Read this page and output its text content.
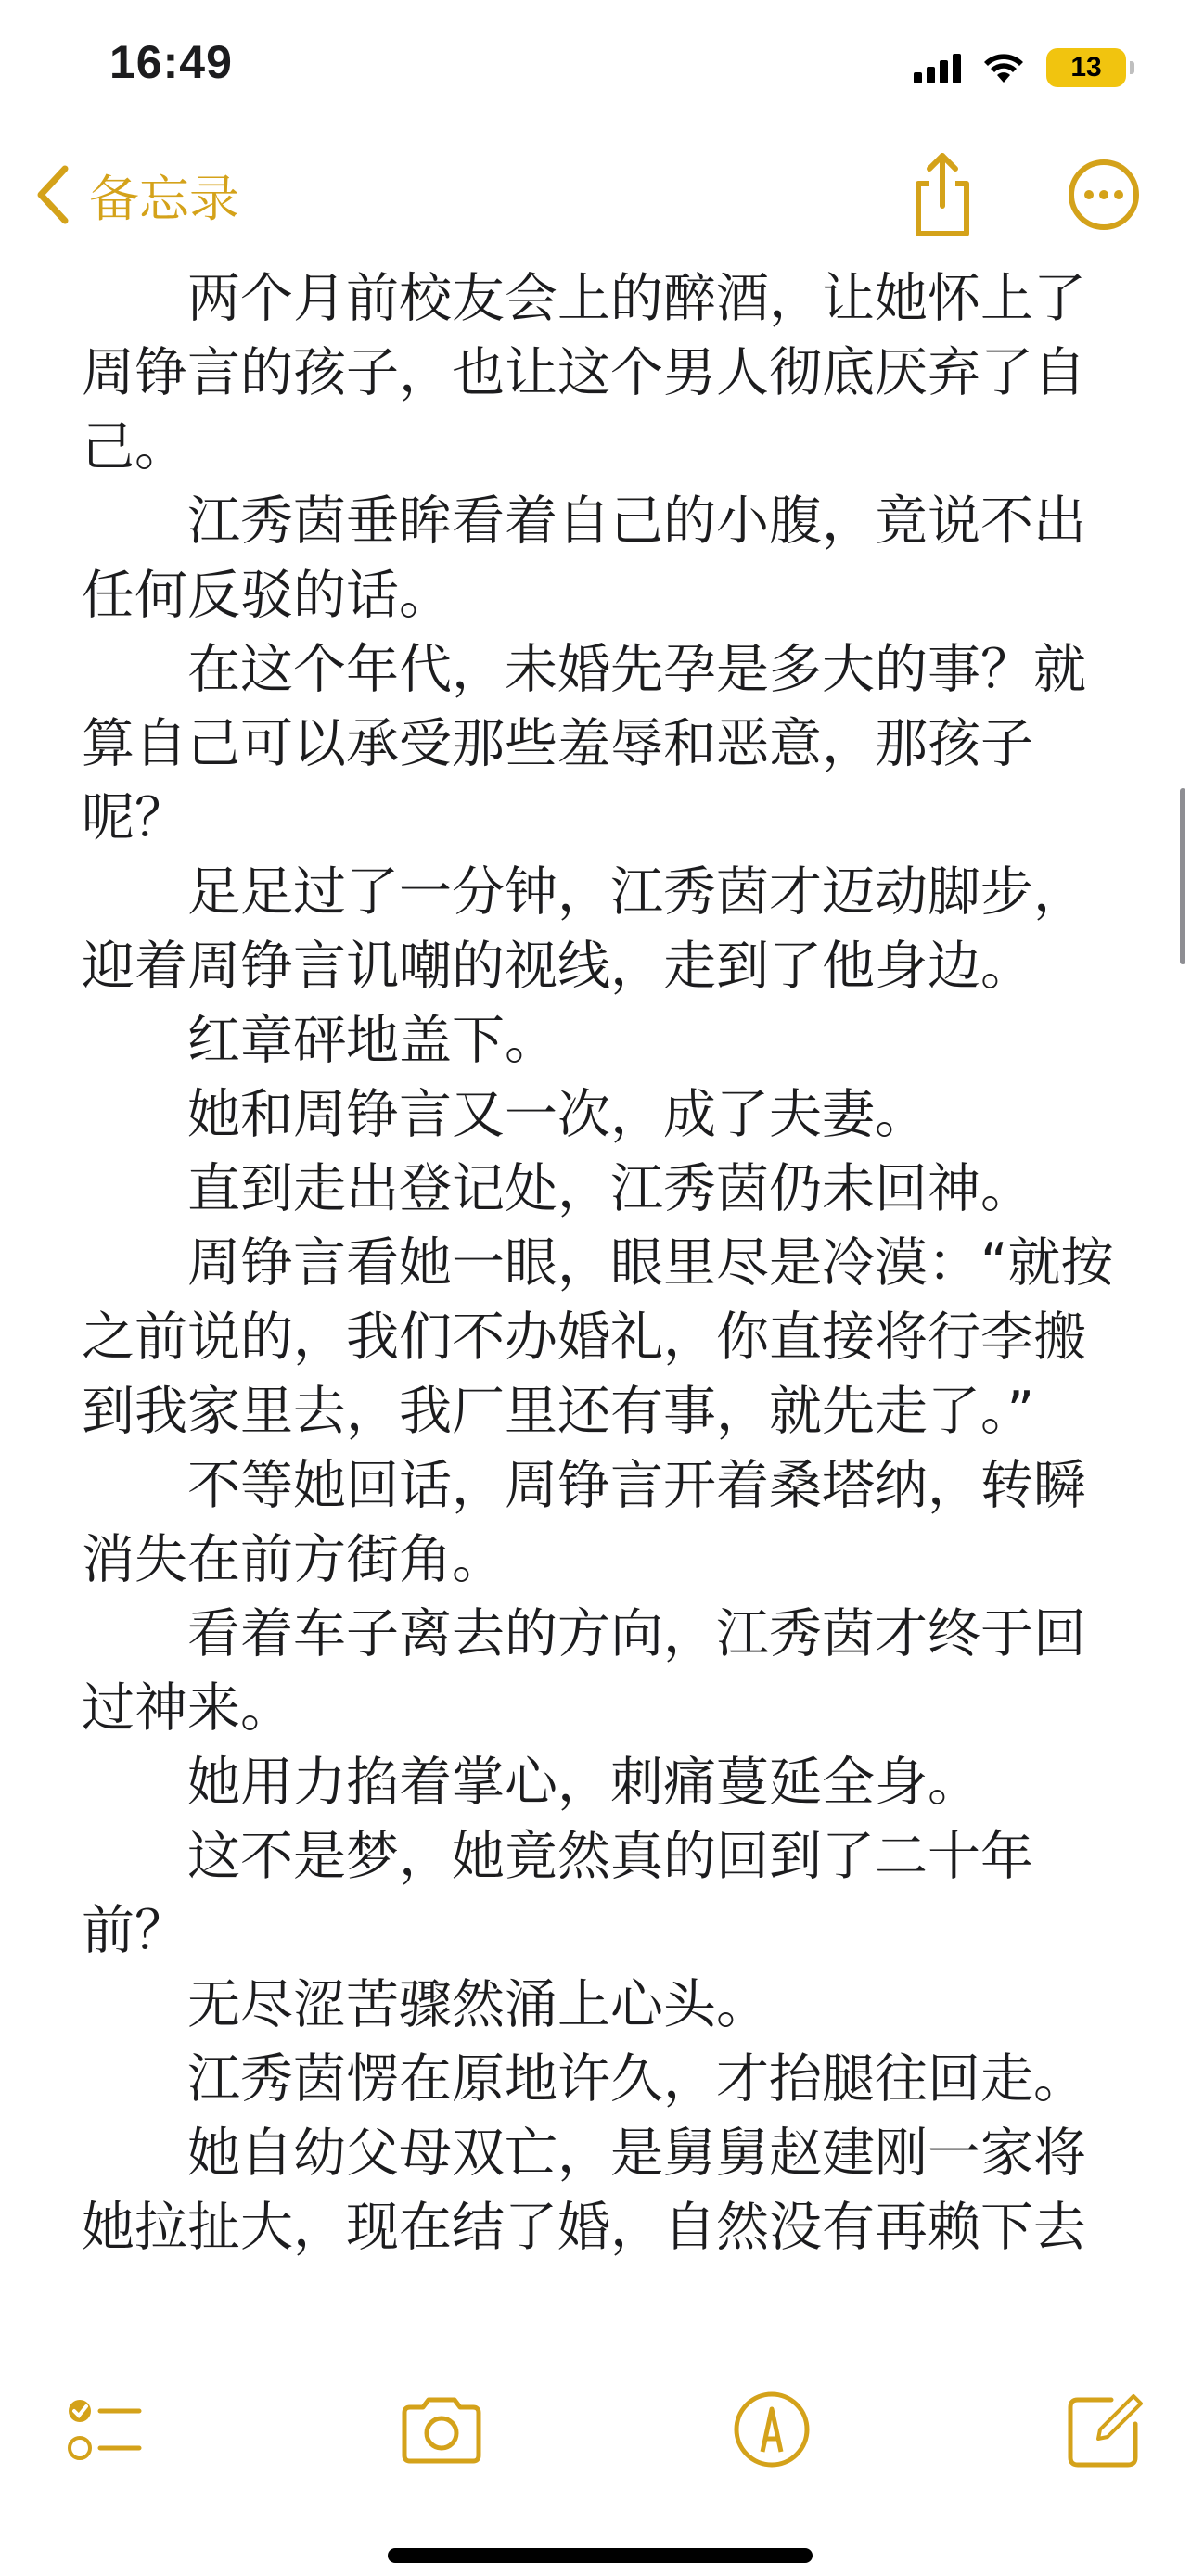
16:49	13
备忘录

两个月前校友会上的醉酒，让她怀上了周铮言的孩子，也让这个男人彻底厌弃了自己。

江秀茵垂眸看着自己的小腹，竟说不出任何反驳的话。

在这个年代，未婚先孕是多大的事？就算自己可以承受那些羞辱和恶意，那孩子呢？

足足过了一分钟，江秀茵才迈动脚步，迎着周铮言讥嘲的视线，走到了他身边。

红章砰地盖下。

她和周铮言又一次，成了夫妻。

直到走出登记处，江秀茵仍未回神。

周铮言看她一眼，眼里尽是冷漠：“就按之前说的，我们不办婚礼，你直接将行李搬到我家里去，我厂里还有事，就先走了。”

不等她回话，周铮言开着桑塔纳，转瞬消失在前方街角。

看着车子离去的方向，江秀茵才终于回过神来。

她用力掐着掌心，刺痛蔓延全身。

这不是梦，她竟然真的回到了二十年前？

无尽涩苦骤然涌上心头。

江秀茵愣在原地许久，才抬腿往回走。

她自幼父母双亡，是舅舅赵建刚一家将她拉扯大，现在结了婚，自然没有再赖下去
